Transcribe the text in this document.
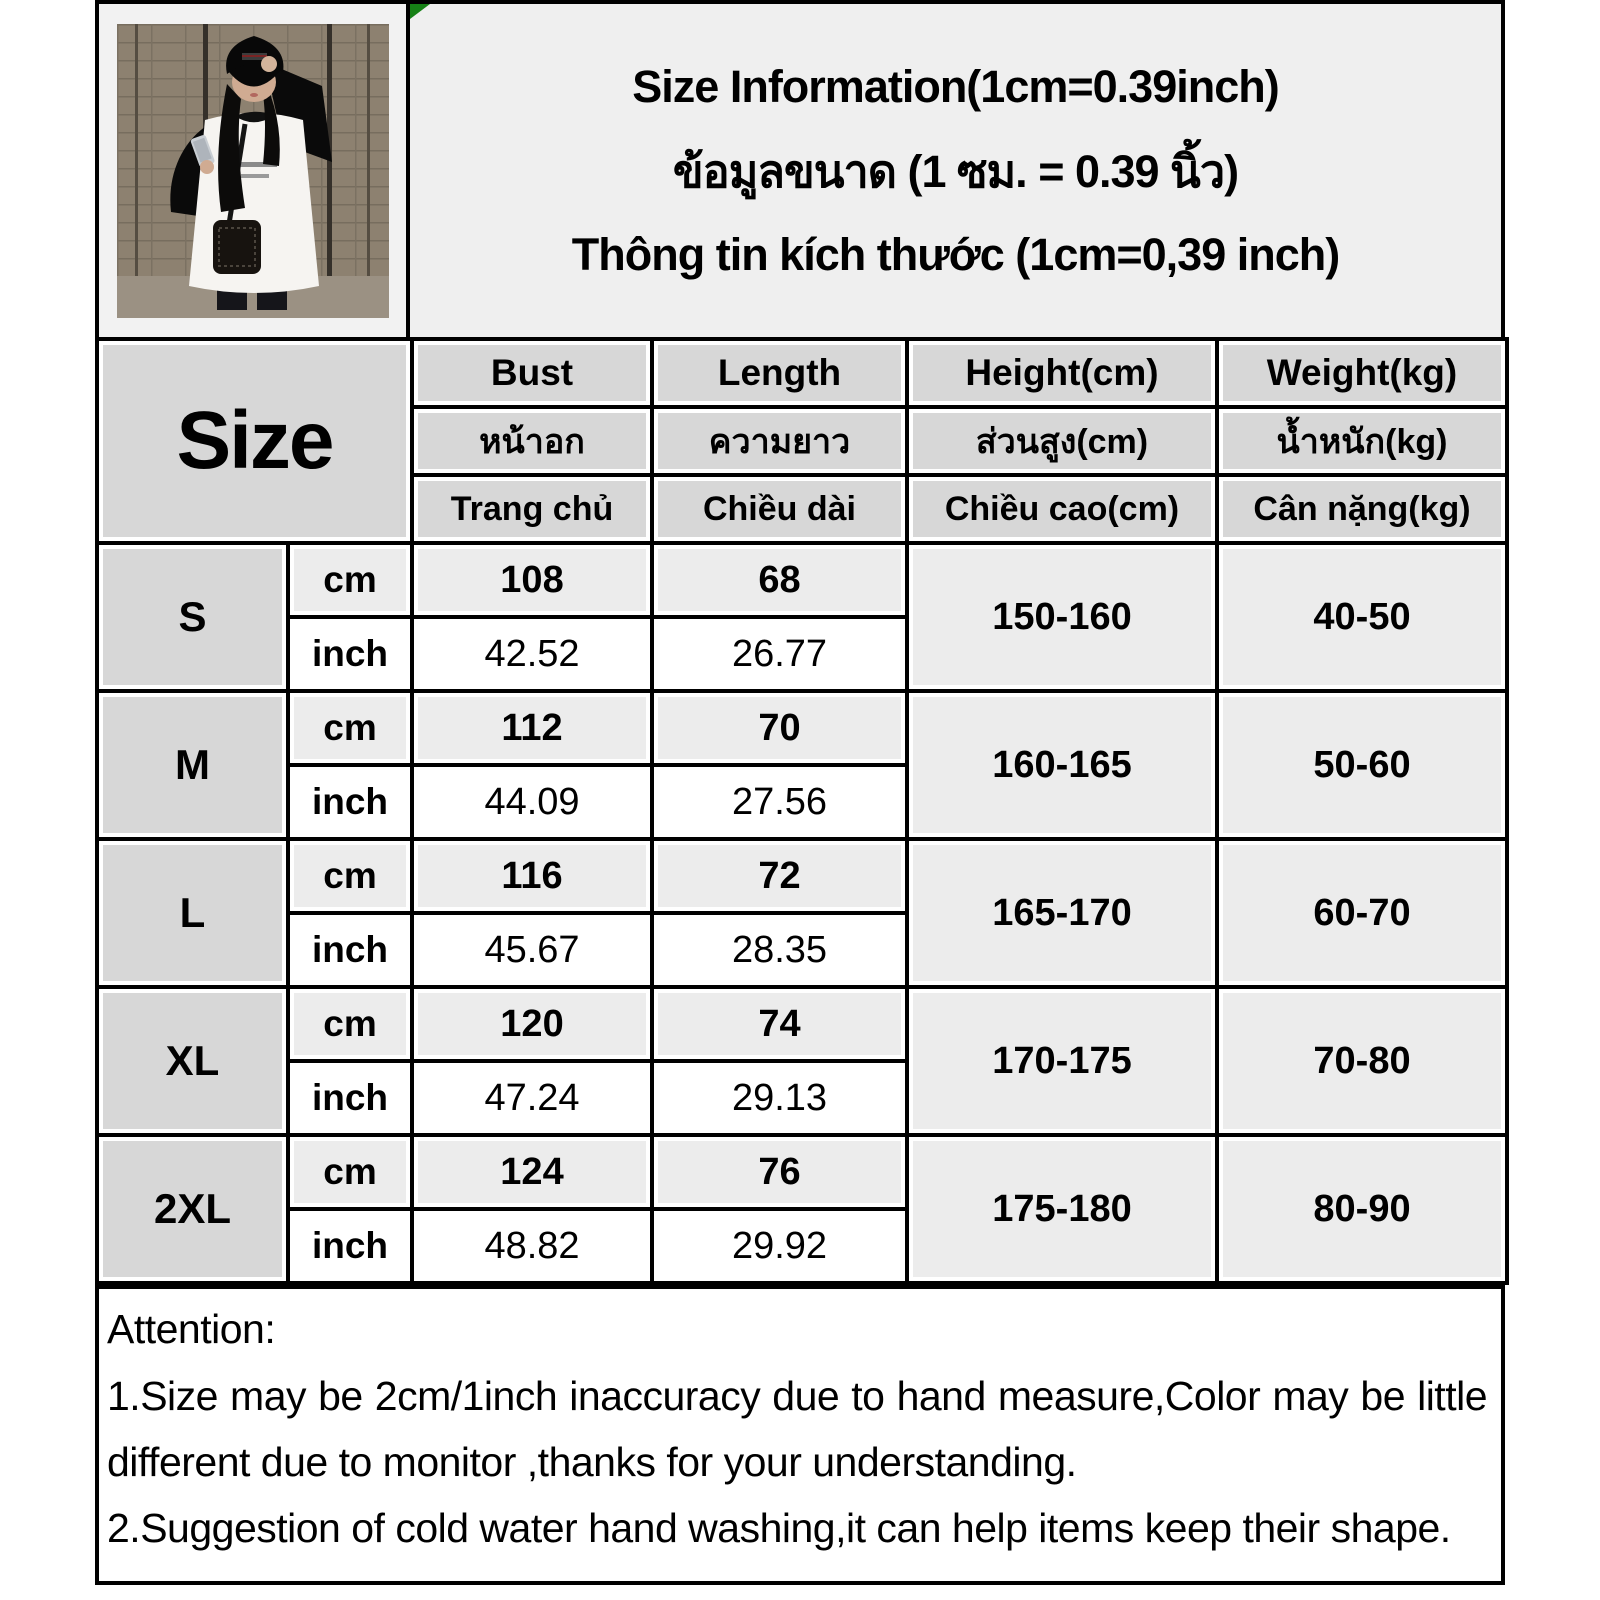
Size Information(1cm=0.39inch)
ข้อมูลขนาด (1 ซม. = 0.39 นิ้ว)
Thông tin kích thước (1cm=0,39 inch)
Size		Bust	Length	Height(cm)	Weight(kg)
		หน้าอก	ความยาว	ส่วนสูง(cm)	น้ำหนัก(kg)
		Trang chủ	Chiều dài	Chiều cao(cm)	Cân nặng(kg)
S	cm	108	68	150-160	40-50
	inch	42.52	26.77		
M	cm	112	70	160-165	50-60
	inch	44.09	27.56		
L	cm	116	72	165-170	60-70
	inch	45.67	28.35		
XL	cm	120	74	170-175	70-80
	inch	47.24	29.13		
2XL	cm	124	76	175-180	80-90
	inch	48.82	29.92		
Attention:
1.Size may be 2cm/1inch inaccuracy due to hand measure,Color may be little different due to monitor ,thanks for your understanding.
2.Suggestion of cold water hand washing,it can help items keep their shape.
